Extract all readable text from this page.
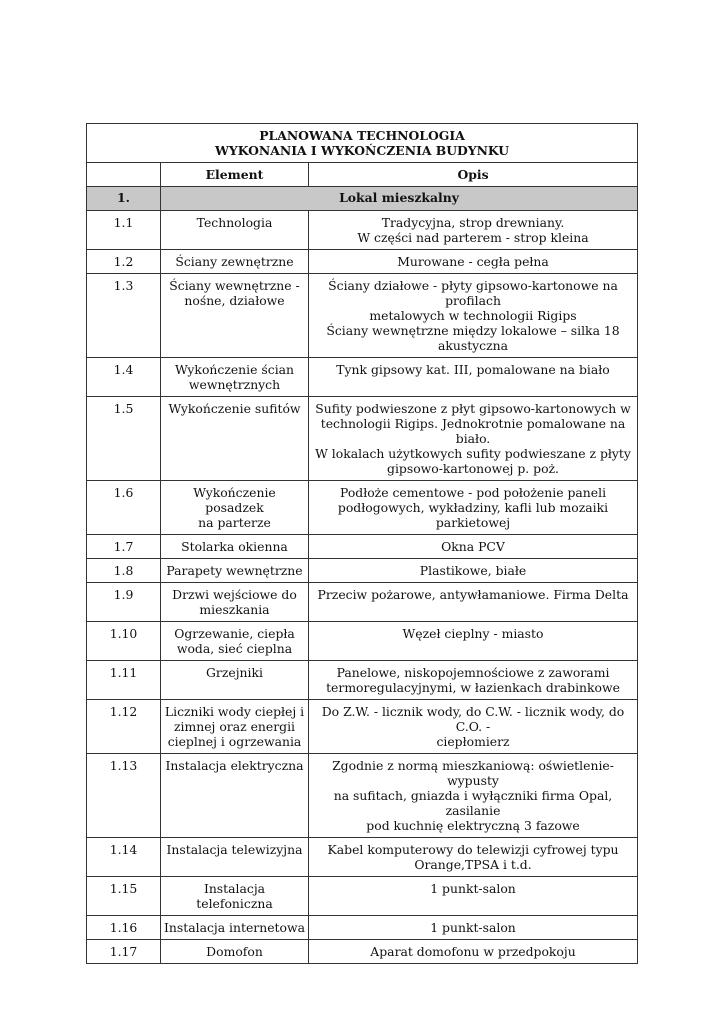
PLANOWANA TECHNOLOGIA
WYKONANIA I WYKOŃCZENIA BUDYNKU		

	Element	Opis
1.	Lokal mieszkalny	
1.1	Technologia	Tradycyjna, strop drewniany.
W części nad parterem - strop kleina

1.2	Ściany zewnętrzne	Murowane - cegła pełna

1.3	Ściany wewnętrzne -
nośne, działowe	Ściany działowe - płyty gipsowo-kartonowe na profilach
metalowych w technologii Rigips
Ściany wewnętrzne między lokalowe – silka 18
akustyczna

1.4	Wykończenie ścian
wewnętrznych	Tynk gipsowy kat. III, pomalowane na biało

1.5	Wykończenie sufitów	Sufity podwieszone z płyt gipsowo-kartonowych w
technologii Rigips. Jednokrotnie pomalowane na biało.
W lokalach użytkowych sufity podwieszane z płyty
gipsowo-kartonowej p. poż.

1.6	Wykończenie posadzek
na parterze	Podłoże cementowe - pod położenie paneli
podłogowych, wykładziny, kafli lub mozaiki parkietowej

1.7	Stolarka okienna	Okna PCV

1.8	Parapety wewnętrzne	Plastikowe, białe

1.9	Drzwi wejściowe do
mieszkania	Przeciw pożarowe, antywłamaniowe. Firma Delta

1.10	Ogrzewanie, ciepła
woda, sieć cieplna	Węzeł cieplny - miasto

1.11	Grzejniki	Panelowe, niskopojemnościowe z zaworami
termoregulacyjnymi, w łazienkach drabinkowe

1.12	Liczniki wody ciepłej i
zimnej oraz energii
cieplnej i ogrzewania	Do Z.W. - licznik wody, do C.W. - licznik wody, do C.O. -
ciepłomierz

1.13	Instalacja elektryczna	Zgodnie z normą mieszkaniową: oświetlenie-wypusty
na sufitach, gniazda i wyłączniki firma Opal, zasilanie
pod kuchnię elektryczną 3 fazowe

1.14	Instalacja telewizyjna	Kabel komputerowy do telewizji cyfrowej typu
Orange,TPSA i t.d.

1.15	Instalacja telefoniczna	1 punkt-salon

1.16	Instalacja internetowa	1 punkt-salon

1.17	Domofon	Aparat domofonu w przedpokoju
